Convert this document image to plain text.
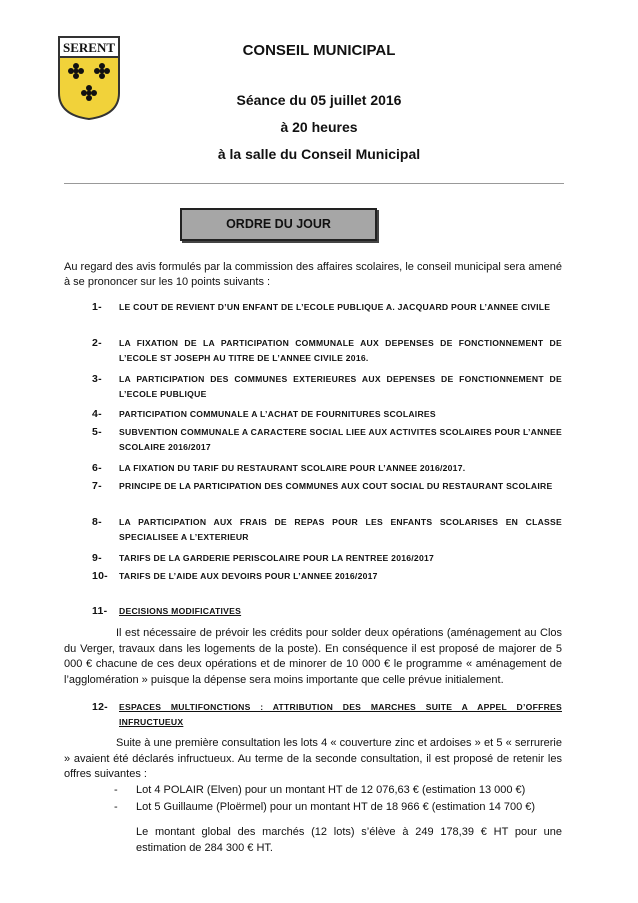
SERENT	CONSEIL MUNICIPAL
Séance du 05 juillet 2016
à 20 heures
à la salle du Conseil Municipal
ORDRE DU JOUR
Au regard des avis formulés par la commission des affaires scolaires, le conseil municipal sera amené à se prononcer sur les 10 points suivants :
1-	LE COUT DE REVIENT D’UN ENFANT DE L’ECOLE PUBLIQUE A. JACQUARD POUR L’ANNEE CIVILE
2-	LA FIXATION DE LA PARTICIPATION COMMUNALE AUX DEPENSES DE FONCTIONNEMENT DE L’ECOLE ST JOSEPH AU TITRE DE L’ANNEE CIVILE 2016.
3-	LA PARTICIPATION DES COMMUNES EXTERIEURES AUX DEPENSES DE FONCTIONNEMENT DE L’ECOLE PUBLIQUE
4-	PARTICIPATION COMMUNALE A L’ACHAT DE FOURNITURES SCOLAIRES
5-	SUBVENTION COMMUNALE A CARACTERE SOCIAL LIEE AUX ACTIVITES SCOLAIRES POUR L’ANNEE SCOLAIRE 2016/2017
6-	LA FIXATION DU TARIF DU RESTAURANT SCOLAIRE POUR L’ANNEE 2016/2017.
7-	PRINCIPE DE LA PARTICIPATION DES COMMUNES AUX COUT SOCIAL DU RESTAURANT SCOLAIRE
8-	LA PARTICIPATION AUX FRAIS DE REPAS POUR LES ENFANTS SCOLARISES EN CLASSE SPECIALISEE A L’EXTERIEUR
9-	TARIFS DE LA GARDERIE PERISCOLAIRE POUR LA RENTREE 2016/2017
10-	TARIFS DE L’AIDE AUX DEVOIRS POUR L’ANNEE 2016/2017
11-	DECISIONS MODIFICATIVES
Il est nécessaire de prévoir les crédits pour solder deux opérations (aménagement au Clos du Verger, travaux dans les logements de la poste). En conséquence il est proposé de majorer de 5 000 € chacune de ces deux opérations et de minorer de 10 000 € le programme « aménagement de l’agglomération » puisque la dépense sera moins importante que celle prévue initialement.
12-	ESPACES MULTIFONCTIONS : ATTRIBUTION DES MARCHES SUITE A APPEL D’OFFRES INFRUCTUEUX
Suite à une première consultation les lots 4 « couverture zinc et ardoises » et 5 « serrurerie » avaient été déclarés infructueux. Au terme de la seconde consultation, il est proposé de retenir les offres suivantes :
- Lot 4 POLAIR (Elven) pour un montant HT de 12 076,63 € (estimation 13 000 €)
- Lot 5 Guillaume (Ploërmel) pour un montant HT de 18 966 € (estimation 14 700 €)
Le montant global des marchés (12 lots) s’élève à 249 178,39 € HT pour une estimation de 284 300 € HT.
